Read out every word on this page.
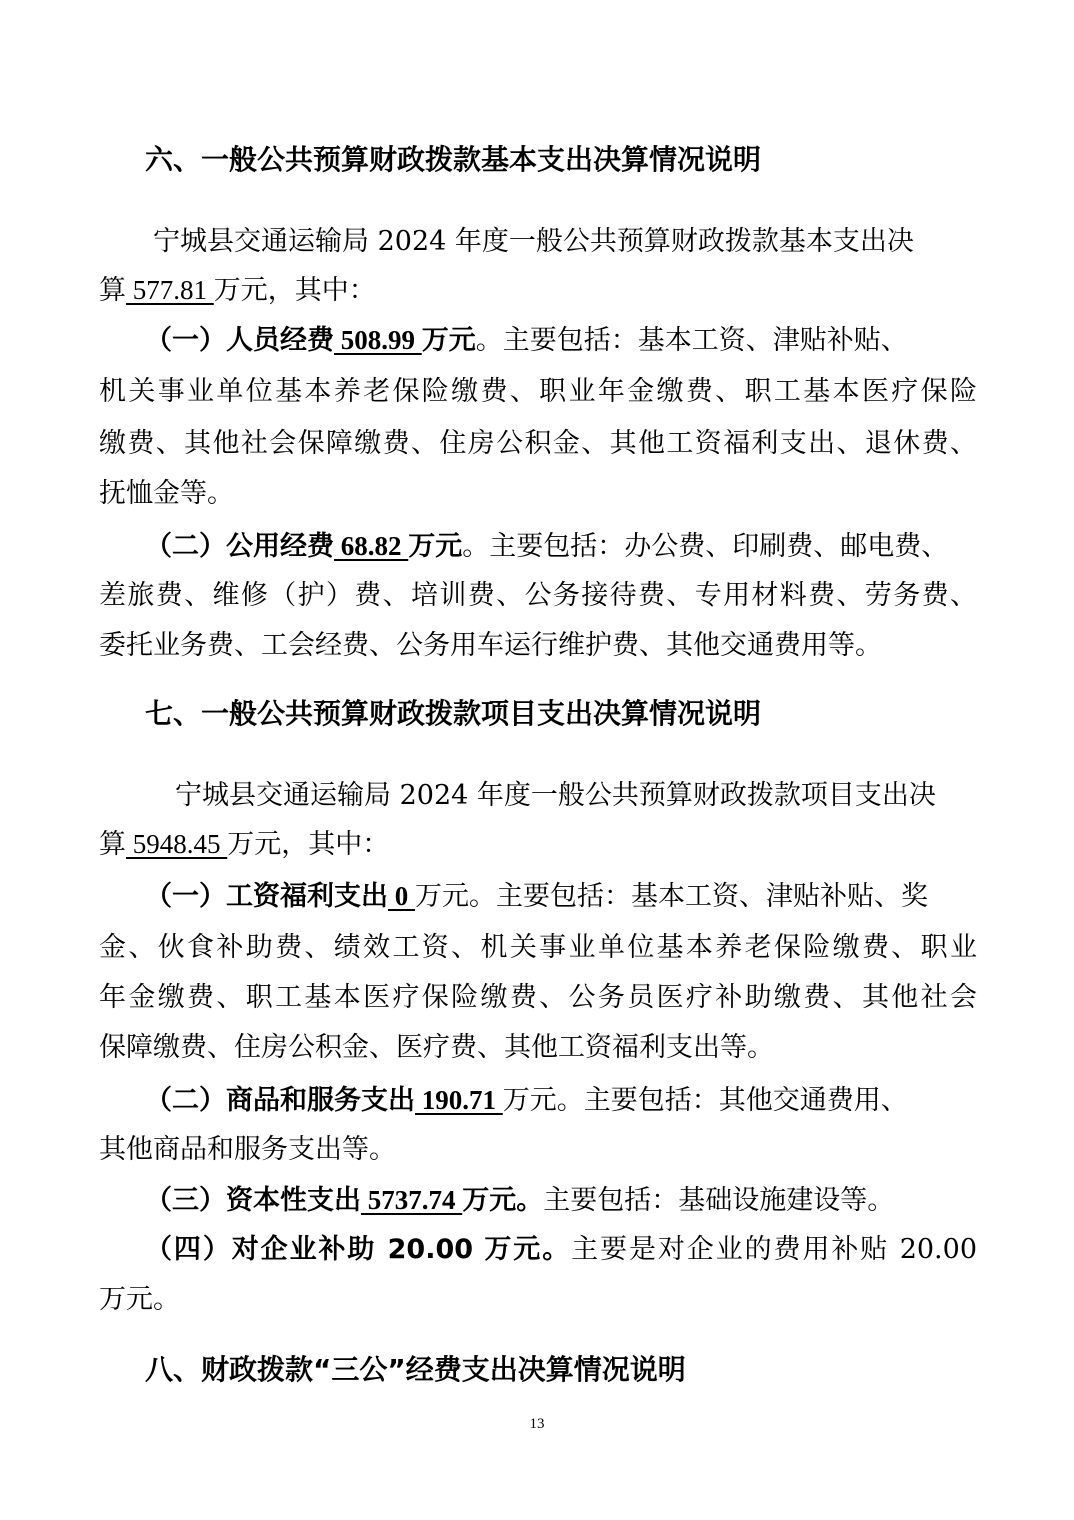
六、一般公共预算财政拨款基本支出决算情况说明
宁城县交通运输局 2024 年度一般公共预算财政拨款基本支出决
算 577.81 万元，其中：
（一）人员经费 508.99 万元。主要包括：基本工资、津贴补贴、
机关事业单位基本养老保险缴费、职业年金缴费、职工基本医疗保险
缴费、其他社会保障缴费、住房公积金、其他工资福利支出、退休费、
抚恤金等。
（二）公用经费 68.82 万元。主要包括：办公费、印刷费、邮电费、
差旅费、维修（护）费、培训费、公务接待费、专用材料费、劳务费、
委托业务费、工会经费、公务用车运行维护费、其他交通费用等。
七、一般公共预算财政拨款项目支出决算情况说明
宁城县交通运输局 2024 年度一般公共预算财政拨款项目支出决
算 5948.45 万元，其中：
（一）工资福利支出 0 万元。主要包括：基本工资、津贴补贴、奖
金、伙食补助费、绩效工资、机关事业单位基本养老保险缴费、职业
年金缴费、职工基本医疗保险缴费、公务员医疗补助缴费、其他社会
保障缴费、住房公积金、医疗费、其他工资福利支出等。
（二）商品和服务支出 190.71 万元。主要包括：其他交通费用、
其他商品和服务支出等。
（三）资本性支出 5737.74 万元。主要包括：基础设施建设等。
（四）对企业补助 20.00 万元。主要是对企业的费用补贴 20.00
万元。
八、财政拨款“三公”经费支出决算情况说明
13
